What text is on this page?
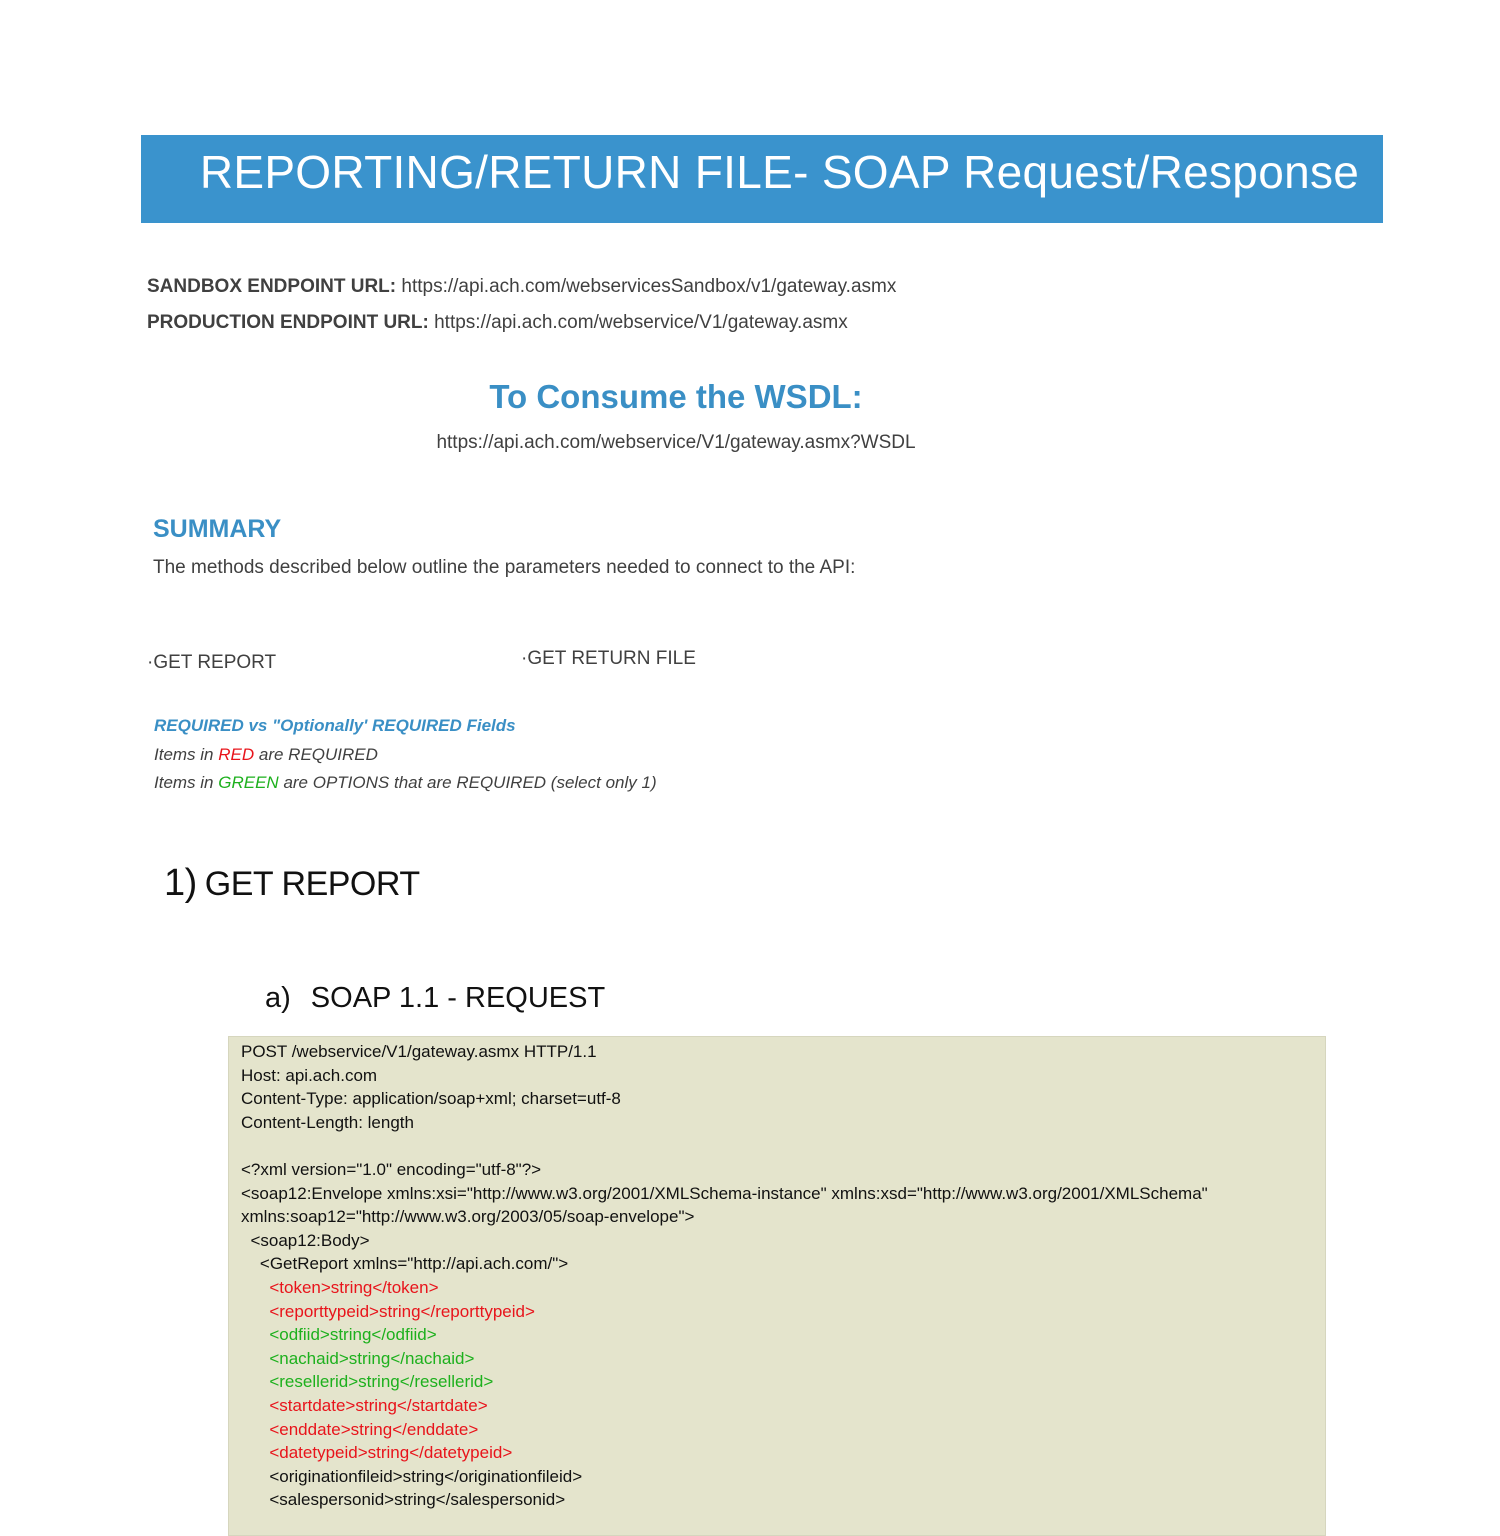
REPORTING/RETURN FILE- SOAP Request/Response
SANDBOX ENDPOINT URL: https://api.ach.com/webservicesSandbox/v1/gateway.asmx
PRODUCTION ENDPOINT URL: https://api.ach.com/webservice/V1/gateway.asmx
To Consume the WSDL:
https://api.ach.com/webservice/V1/gateway.asmx?WSDL
SUMMARY
The methods described below outline the parameters needed to connect to the API:
·GET REPORT	·GET RETURN FILE
REQUIRED vs "Optionally' REQUIRED Fields
Items in RED are REQUIRED
Items in GREEN are OPTIONS that are REQUIRED (select only 1)
1) GET REPORT
a) SOAP 1.1 - REQUEST
POST /webservice/V1/gateway.asmx HTTP/1.1
Host: api.ach.com
Content-Type: application/soap+xml; charset=utf-8
Content-Length: length
<?xml version="1.0" encoding="utf-8"?>
<soap12:Envelope xmlns:xsi="http://www.w3.org/2001/XMLSchema-instance" xmlns:xsd="http://www.w3.org/2001/XMLSchema"
xmlns:soap12="http://www.w3.org/2003/05/soap-envelope">
<soap12:Body>
<GetReport xmlns="http://api.ach.com/">
<token>string</token>
<reporttypeid>string</reporttypeid>
<odfiid>string</odfiid>
<nachaid>string</nachaid>
<resellerid>string</resellerid>
<startdate>string</startdate>
<enddate>string</enddate>
<datetypeid>string</datetypeid>
<originationfileid>string</originationfileid>
<salespersonid>string</salespersonid>
